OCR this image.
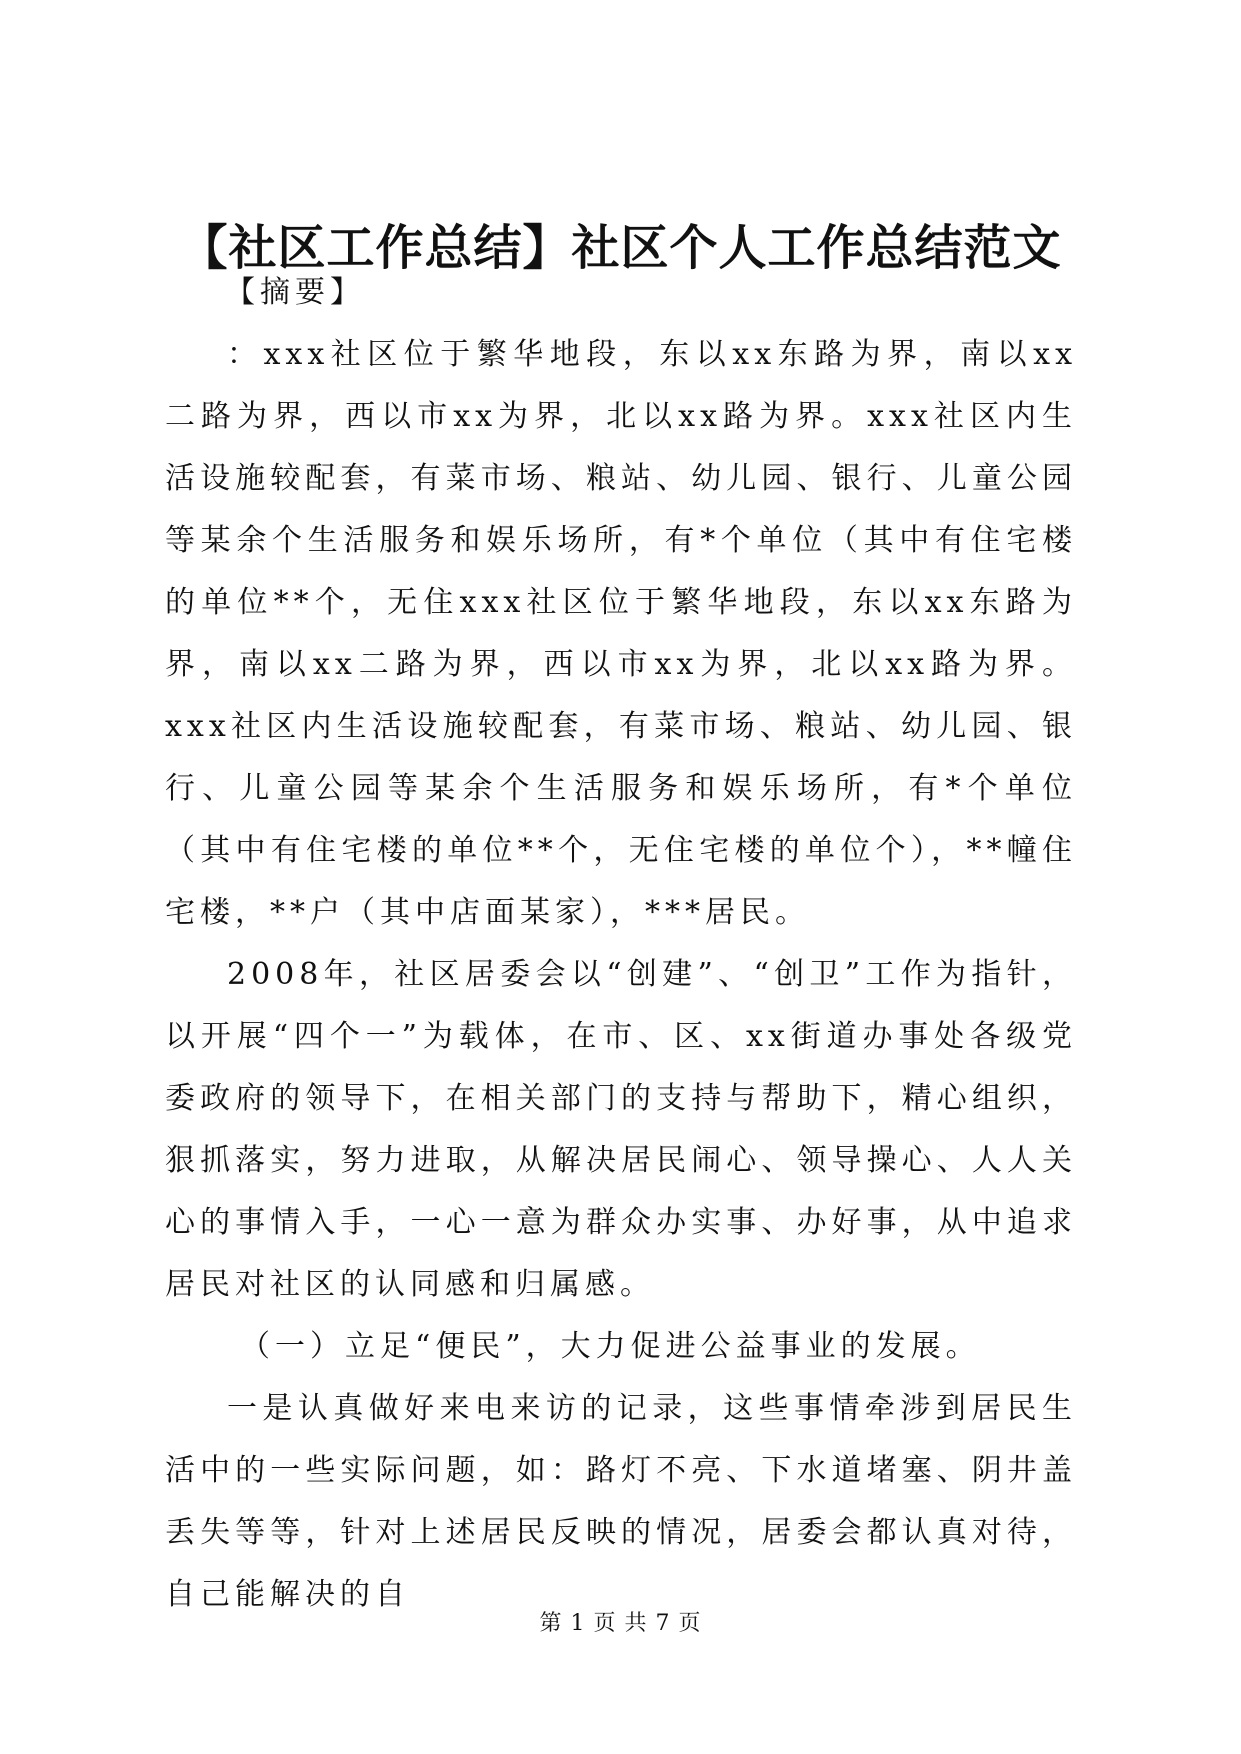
【社区工作总结】社区个人工作总结范文
【摘要】

：xxx社区位于繁华地段，东以xx东路为界，南以xx二路为界，西以市xx为界，北以xx路为界。xxx社区内生活设施较配套，有菜市场、粮站、幼儿园、银行、儿童公园等某余个生活服务和娱乐场所，有*个单位（其中有住宅楼的单位**个，无住xxx社区位于繁华地段，东以xx东路为界，南以xx二路为界，西以市xx为界，北以xx路为界。xxx社区内生活设施较配套，有菜市场、粮站、幼儿园、银行、儿童公园等某余个生活服务和娱乐场所，有*个单位（其中有住宅楼的单位**个，无住宅楼的单位个），**幢住宅楼，**户（其中店面某家），***居民。

2008年，社区居委会以“创建”、“创卫”工作为指针，以开展“四个一”为载体，在市、区、xx街道办事处各级党委政府的领导下，在相关部门的支持与帮助下，精心组织，狠抓落实，努力进取，从解决居民闹心、领导操心、人人关心的事情入手，一心一意为群众办实事、办好事，从中追求居民对社区的认同感和归属感。

（一）立足“便民”，大力促进公益事业的发展。

一是认真做好来电来访的记录，这些事情牵涉到居民生活中的一些实际问题，如：路灯不亮、下水道堵塞、阴井盖丢失等等，针对上述居民反映的情况，居委会都认真对待，自己能解决的自

第 1 页 共 7 页
